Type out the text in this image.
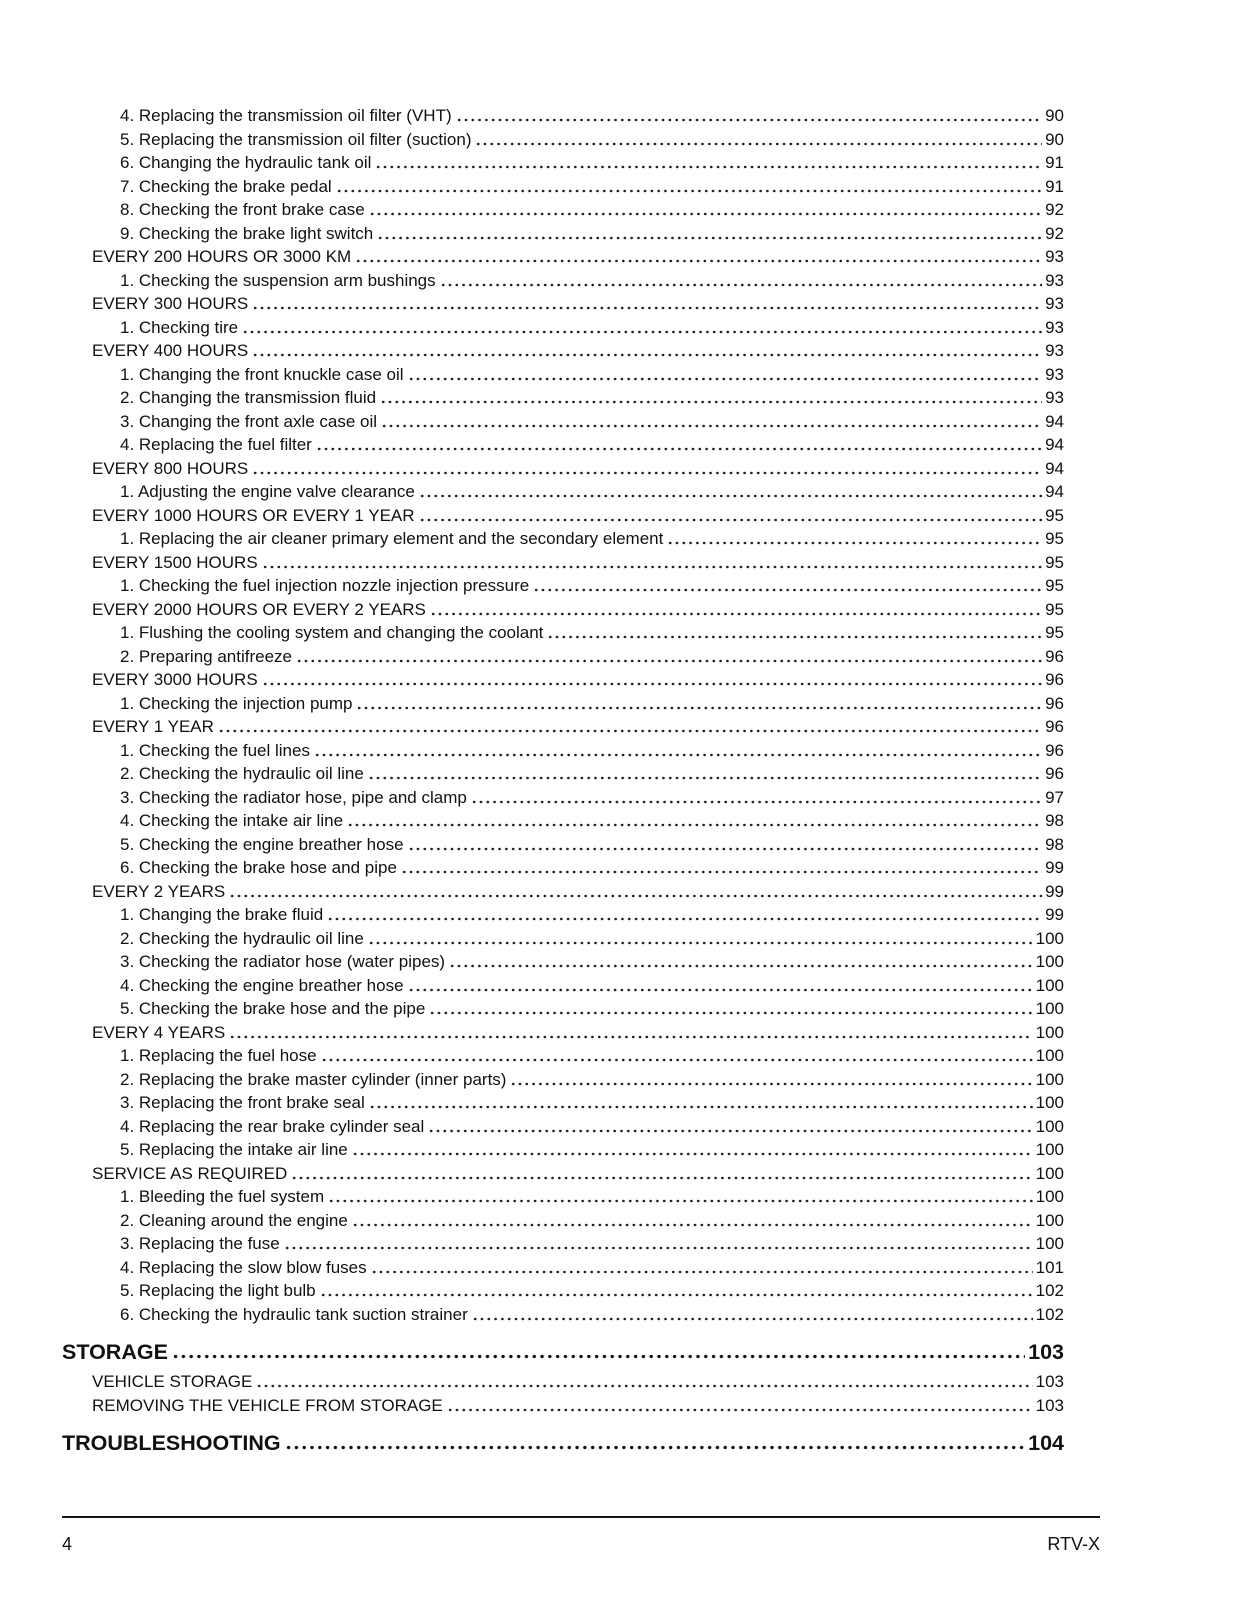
4. Replacing the transmission oil filter (VHT)	90
5. Replacing the transmission oil filter (suction)	90
6. Changing the hydraulic tank oil	91
7. Checking the brake pedal	91
8. Checking the front brake case	92
9. Checking the brake light switch	92
EVERY 200 HOURS OR 3000 KM	93
1. Checking the suspension arm bushings	93
EVERY 300 HOURS	93
1. Checking tire	93
EVERY 400 HOURS	93
1. Changing the front knuckle case oil	93
2. Changing the transmission fluid	93
3. Changing the front axle case oil	94
4. Replacing the fuel filter	94
EVERY 800 HOURS	94
1. Adjusting the engine valve clearance	94
EVERY 1000 HOURS OR EVERY 1 YEAR	95
1. Replacing the air cleaner primary element and the secondary element	95
EVERY 1500 HOURS	95
1. Checking the fuel injection nozzle injection pressure	95
EVERY 2000 HOURS OR EVERY 2 YEARS	95
1. Flushing the cooling system and changing the coolant	95
2. Preparing antifreeze	96
EVERY 3000 HOURS	96
1. Checking the injection pump	96
EVERY 1 YEAR	96
1. Checking the fuel lines	96
2. Checking the hydraulic oil line	96
3. Checking the radiator hose, pipe and clamp	97
4. Checking the intake air line	98
5. Checking the engine breather hose	98
6. Checking the brake hose and pipe	99
EVERY 2 YEARS	99
1. Changing the brake fluid	99
2. Checking the hydraulic oil line	100
3. Checking the radiator hose (water pipes)	100
4. Checking the engine breather hose	100
5. Checking the brake hose and the pipe	100
EVERY 4 YEARS	100
1. Replacing the fuel hose	100
2. Replacing the brake master cylinder (inner parts)	100
3. Replacing the front brake seal	100
4. Replacing the rear brake cylinder seal	100
5. Replacing the intake air line	100
SERVICE AS REQUIRED	100
1. Bleeding the fuel system	100
2. Cleaning around the engine	100
3. Replacing the fuse	100
4. Replacing the slow blow fuses	101
5. Replacing the light bulb	102
6. Checking the hydraulic tank suction strainer	102
STORAGE	103
VEHICLE STORAGE	103
REMOVING THE VEHICLE FROM STORAGE	103
TROUBLESHOOTING	104
4	RTV-X
